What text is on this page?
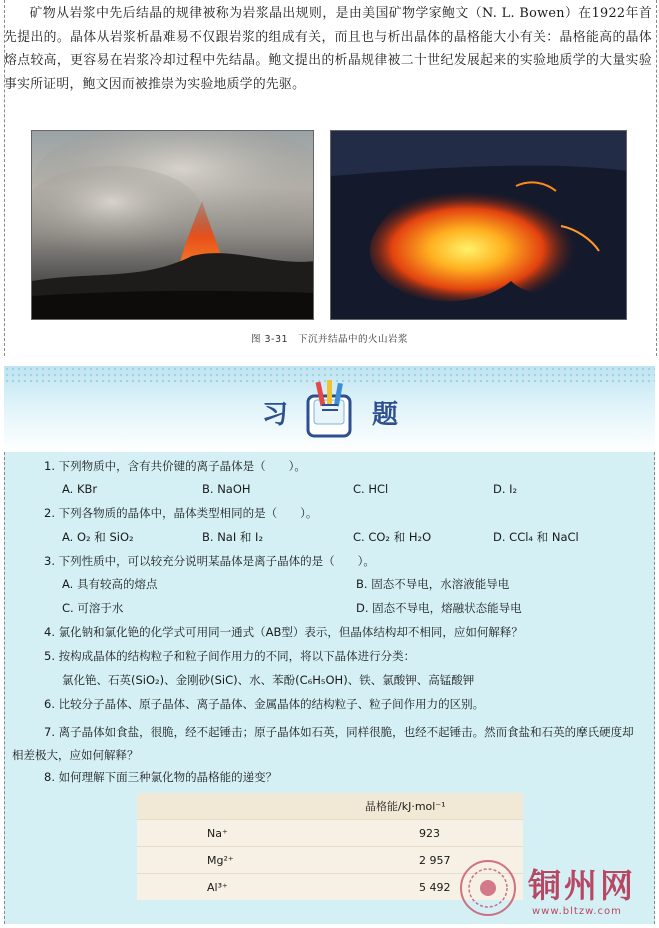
矿物从岩浆中先后结晶的规律被称为岩浆晶出规则，是由美国矿物学家鲍文（N. L. Bowen）在1922年首先提出的。晶体从岩浆析晶难易不仅跟岩浆的组成有关，而且也与析出晶体的晶格能大小有关：晶格能高的晶体熔点较高，更容易在岩浆冷却过程中先结晶。鲍文提出的析晶规律被二十世纪发展起来的实验地质学的大量实验事实所证明，鲍文因而被推崇为实验地质学的先驱。

图 3-31　下沉并结晶中的火山岩浆
习	题
1. 下列物质中，含有共价键的离子晶体是（　　）。
A. KBr	B. NaOH	C. HCl	D. I₂
2. 下列各物质的晶体中，晶体类型相同的是（　　）。
A. O₂ 和 SiO₂	B. NaI 和 I₂	C. CO₂ 和 H₂O	D. CCl₄ 和 NaCl
3. 下列性质中，可以较充分说明某晶体是离子晶体的是（　　）。
A. 具有较高的熔点	B. 固态不导电，水溶液能导电
C. 可溶于水	D. 固态不导电，熔融状态能导电
4. 氯化钠和氯化铯的化学式可用同一通式（AB型）表示，但晶体结构却不相同，应如何解释？
5. 按构成晶体的结构粒子和粒子间作用力的不同，将以下晶体进行分类：
氯化铯、石英(SiO₂)、金刚砂(SiC)、水、苯酚(C₆H₅OH)、铁、氯酸钾、高锰酸钾
6. 比较分子晶体、原子晶体、离子晶体、金属晶体的结构粒子、粒子间作用力的区别。
7. 离子晶体如食盐，很脆，经不起锤击；原子晶体如石英，同样很脆，也经不起锤击。然而食盐和石英的摩氏硬度却相差极大，应如何解释？
8. 如何理解下面三种氯化物的晶格能的递变？
	晶格能/kJ·mol⁻¹
Na⁺	923
Mg²⁺	2 957
Al³⁺	5 492 铜州网
www.bltzw.com
